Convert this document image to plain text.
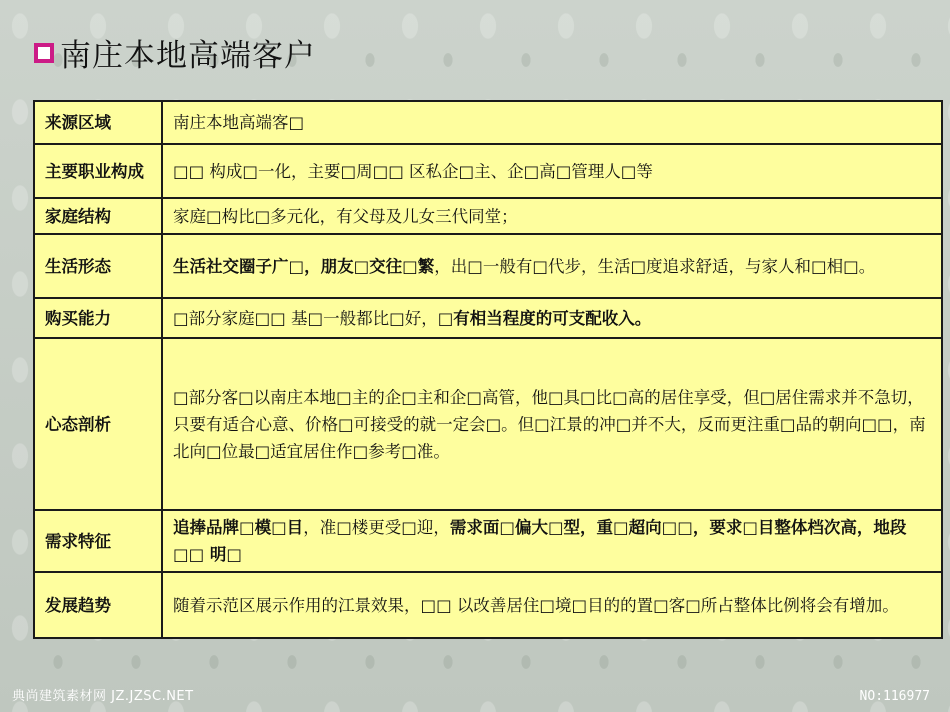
南庄本地高端客户
来源区域	南庄本地高端客□
主要职业构成	□□ 构成□一化，主要□周□□ 区私企□主、企□高□管理人□等
家庭结构	家庭□构比□多元化，有父母及儿女三代同堂；
生活形态	生活社交圈子广□，朋友□交往□繁，出□一般有□代步，生活□度追求舒适，与家人和□相□。
购买能力	□部分家庭□□ 基□一般都比□好，□有相当程度的可支配收入。
心态剖析	□部分客□以南庄本地□主的企□主和企□高管，他□具□比□高的居住享受，但□居住需求并不急切，只要有适合心意、价格□可接受的就一定会□。但□江景的冲□并不大，反而更注重□品的朝向□□，南北向□位最□适宜居住作□参考□准。
需求特征	追捧品牌□模□目，准□楼更受□迎，需求面□偏大□型，重□超向□□，要求□目整体档次高，地段□□ 明□
发展趋势	随着示范区展示作用的江景效果，□□ 以改善居住□境□目的的置□客□所占整体比例将会有增加。
典尚建筑素材网 JZ.JZSC.NET	NO:116977
